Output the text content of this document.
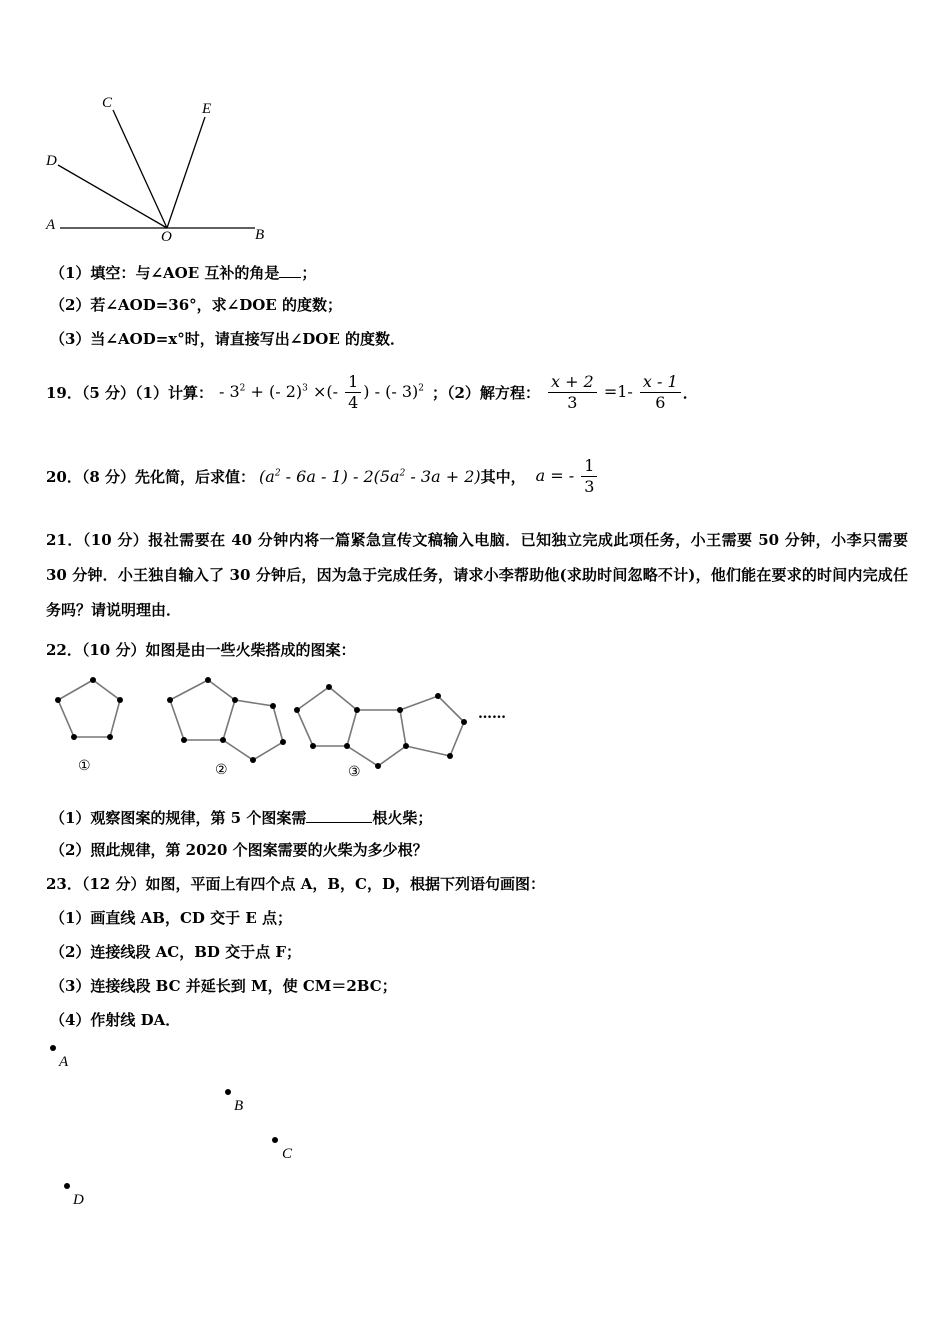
C	E
D
A
O	B
（1）填空：与∠AOE 互补的角是 ；
（2）若∠AOD=36°，求∠DOE 的度数；
（3）当∠AOD=x°时，请直接写出∠DOE 的度数．
19．（5 分）（1）计算： - $3^2$ + (- 2)$^3$ ×(- $\frac{1}{4}$ ) - (- 3)$^2$ ；（2）解方程： $\frac{x + 2}{3} =1- \frac{x - 1}{6}$ ．
20．（8 分）先化简，后求值： $(a^2 - 6a - 1) - 2(5a^2 - 3a + 2)$ 其中， a = - $\frac{1}{3}$
21．（10 分）报社需要在 40 分钟内将一篇紧急宣传文稿输入电脑．已知独立完成此项任务，小王需要 50 分钟，小李只需要 30 分钟．小王独自输入了 30 分钟后，因为急于完成任务，请求小李帮助他(求助时间忽略不计)，他们能在要求的时间内完成任务吗？请说明理由．
22．（10 分）如图是由一些火柴搭成的图案：
①	②	③
……
（1）观察图案的规律，第 5 个图案需	根火柴；
（2）照此规律，第 2020 个图案需要的火柴为多少根？
23．（12 分）如图，平面上有四个点 A，B，C，D，根据下列语句画图：
（1）画直线 AB，CD 交于 E 点；
（2）连接线段 AC，BD 交于点 F；
（3）连接线段 BC 并延长到 M，使 CM＝2BC；
（4）作射线 DA．
A
B
C
D
